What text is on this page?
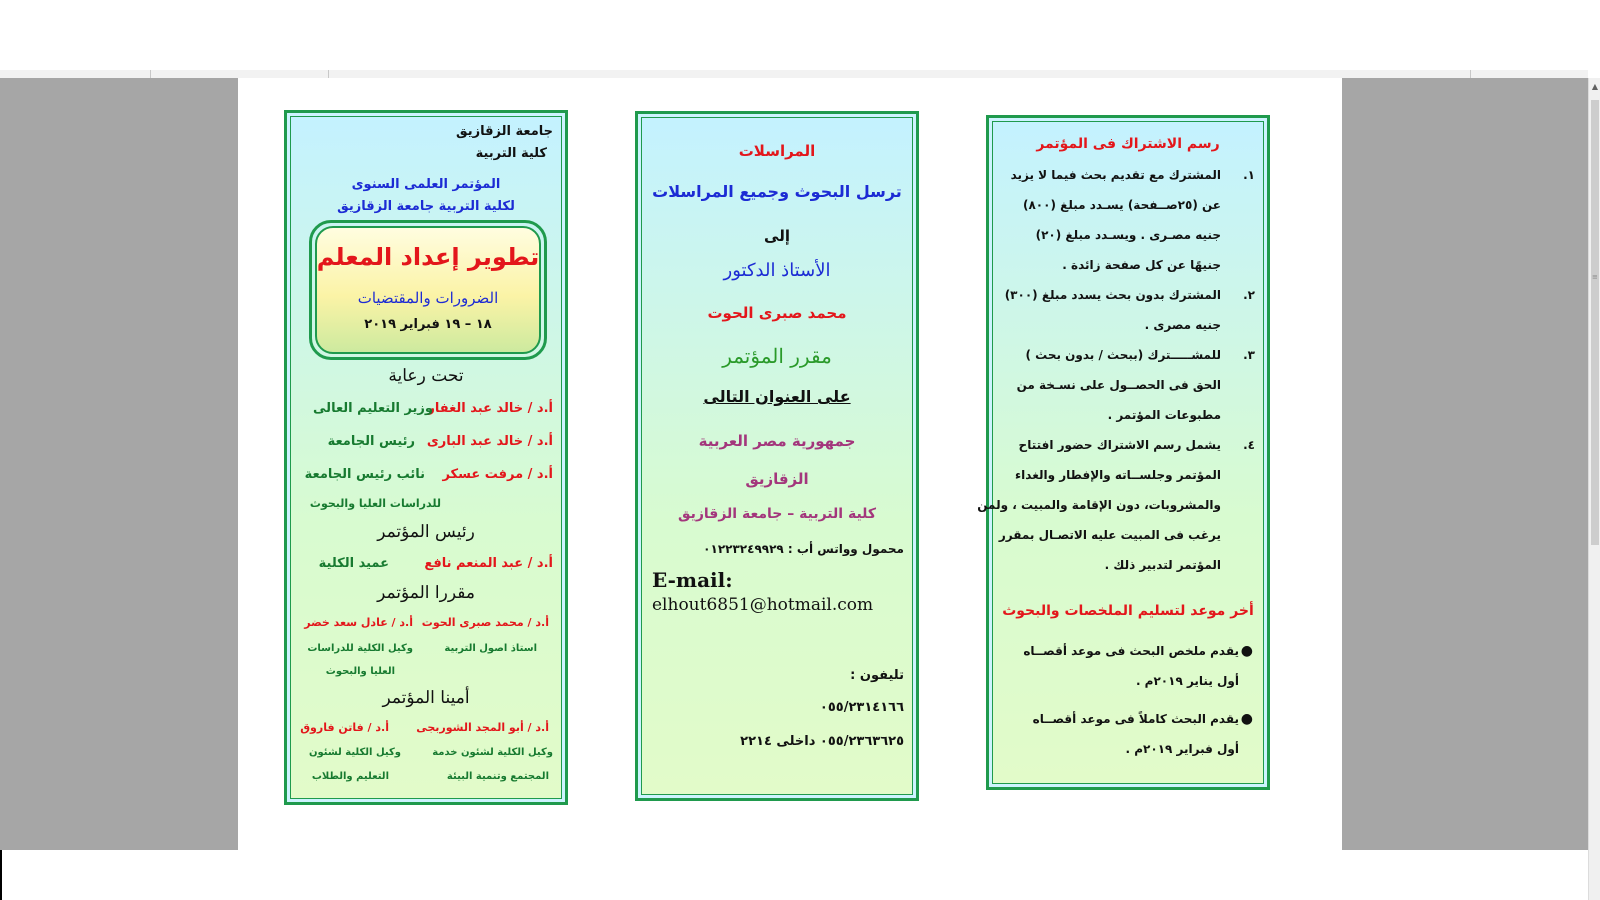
جامعة الزقازيق
كلية التربية
المؤتمر العلمى السنوى
لكلية التربية جامعة الزقازيق
تطوير إعداد المعلم
الضرورات والمقتضيات
١٨ – ١٩ فبراير ٢٠١٩
تحت رعاية
أ.د / خالد عبد الغفار
وزير التعليم العالى
أ.د / خالد عبد البارى
رئيس الجامعة
أ.د / مرفت عسكر
نائب رئيس الجامعة
للدراسات العليا والبحوث
رئيس المؤتمر
أ.د / عبد المنعم نافع
عميد الكلية
مقررا المؤتمر
أ.د / محمد صبرى الحوت
أ.د / عادل سعد خضر
استاذ اصول التربية
وكيل الكلية للدراسات
العليا والبحوث
أمينا المؤتمر
أ.د / أبو المجد الشوربجى
أ.د / فاتن فاروق
وكيل الكلية لشئون خدمة
وكيل الكلية لشئون
المجتمع وتنمية البيئة
التعليم والطلاب
المراسلات
ترسل البحوث وجميع المراسلات
إلى
الأستاذ الدكتور
محمد صبرى الحوت
مقرر المؤتمر
على العنوان التالى
جمهورية مصر العربية
الزقازيق
كلية التربية – جامعة الزقازيق
محمول وواتس أب : ٠١٢٢٣٢٤٩٩٢٩
E-mail:
elhout6851@hotmail.com
تليفون :
٠٥٥/٢٣١٤١٦٦
٠٥٥/٢٣٦٣٦٢٥ داخلى ٢٢١٤
رسم الاشتراك فى المؤتمر
١.
المشترك مع تقديم بحث فيما لا يزيد
عن (٢٥صــفحة) يسـدد مبلغ (٨٠٠)
جنيه مصـرى . ويسـدد مبلغ (٢٠)
جنيهًا عن كل صفحة زائدة .
٢.
المشترك بدون بحث يسدد مبلغ (٣٠٠)
جنيه مصرى .
٣.
للمشـــــترك (ببحث / بدون بحث )
الحق فى الحصــول على نسـخة من
مطبوعات المؤتمر .
٤.
يشمل رسم الاشتراك حضور افتتاح
المؤتمر وجلســاته والإفطار والغداء
والمشروبات، دون الإقامة والمبيت ، ولمن
يرغب فى المبيت عليه الاتصـال بمقرر
المؤتمر لتدبير ذلك .
أخر موعد لتسليم الملخصات والبحوث
●
يقدم ملخص البحث فى موعد أقصــاه
أول يناير ٢٠١٩م .
●
يقدم البحث كاملاً فى موعد أقصــاه
أول فبراير ٢٠١٩م .
▲
≡
